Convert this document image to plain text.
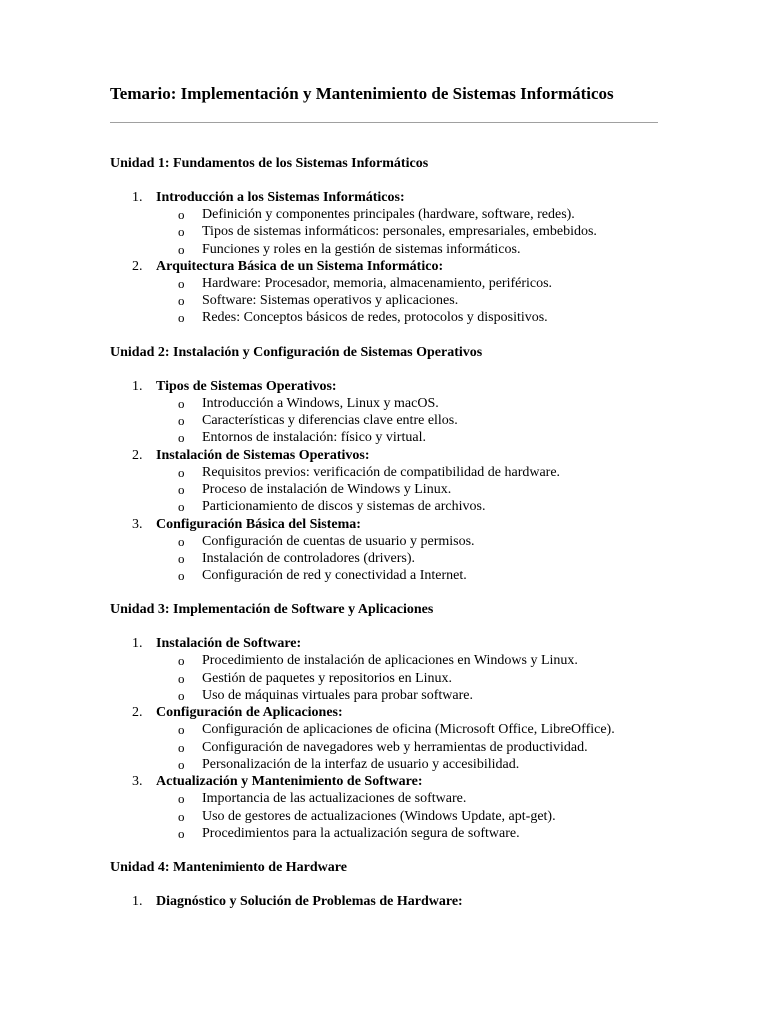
Temario: Implementación y Mantenimiento de Sistemas Informáticos
Unidad 1: Fundamentos de los Sistemas Informáticos
1. Introducción a los Sistemas Informáticos:
o Definición y componentes principales (hardware, software, redes).
o Tipos de sistemas informáticos: personales, empresariales, embebidos.
o Funciones y roles en la gestión de sistemas informáticos.
2. Arquitectura Básica de un Sistema Informático:
o Hardware: Procesador, memoria, almacenamiento, periféricos.
o Software: Sistemas operativos y aplicaciones.
o Redes: Conceptos básicos de redes, protocolos y dispositivos.
Unidad 2: Instalación y Configuración de Sistemas Operativos
1. Tipos de Sistemas Operativos:
o Introducción a Windows, Linux y macOS.
o Características y diferencias clave entre ellos.
o Entornos de instalación: físico y virtual.
2. Instalación de Sistemas Operativos:
o Requisitos previos: verificación de compatibilidad de hardware.
o Proceso de instalación de Windows y Linux.
o Particionamiento de discos y sistemas de archivos.
3. Configuración Básica del Sistema:
o Configuración de cuentas de usuario y permisos.
o Instalación de controladores (drivers).
o Configuración de red y conectividad a Internet.
Unidad 3: Implementación de Software y Aplicaciones
1. Instalación de Software:
o Procedimiento de instalación de aplicaciones en Windows y Linux.
o Gestión de paquetes y repositorios en Linux.
o Uso de máquinas virtuales para probar software.
2. Configuración de Aplicaciones:
o Configuración de aplicaciones de oficina (Microsoft Office, LibreOffice).
o Configuración de navegadores web y herramientas de productividad.
o Personalización de la interfaz de usuario y accesibilidad.
3. Actualización y Mantenimiento de Software:
o Importancia de las actualizaciones de software.
o Uso de gestores de actualizaciones (Windows Update, apt-get).
o Procedimientos para la actualización segura de software.
Unidad 4: Mantenimiento de Hardware
1. Diagnóstico y Solución de Problemas de Hardware:
